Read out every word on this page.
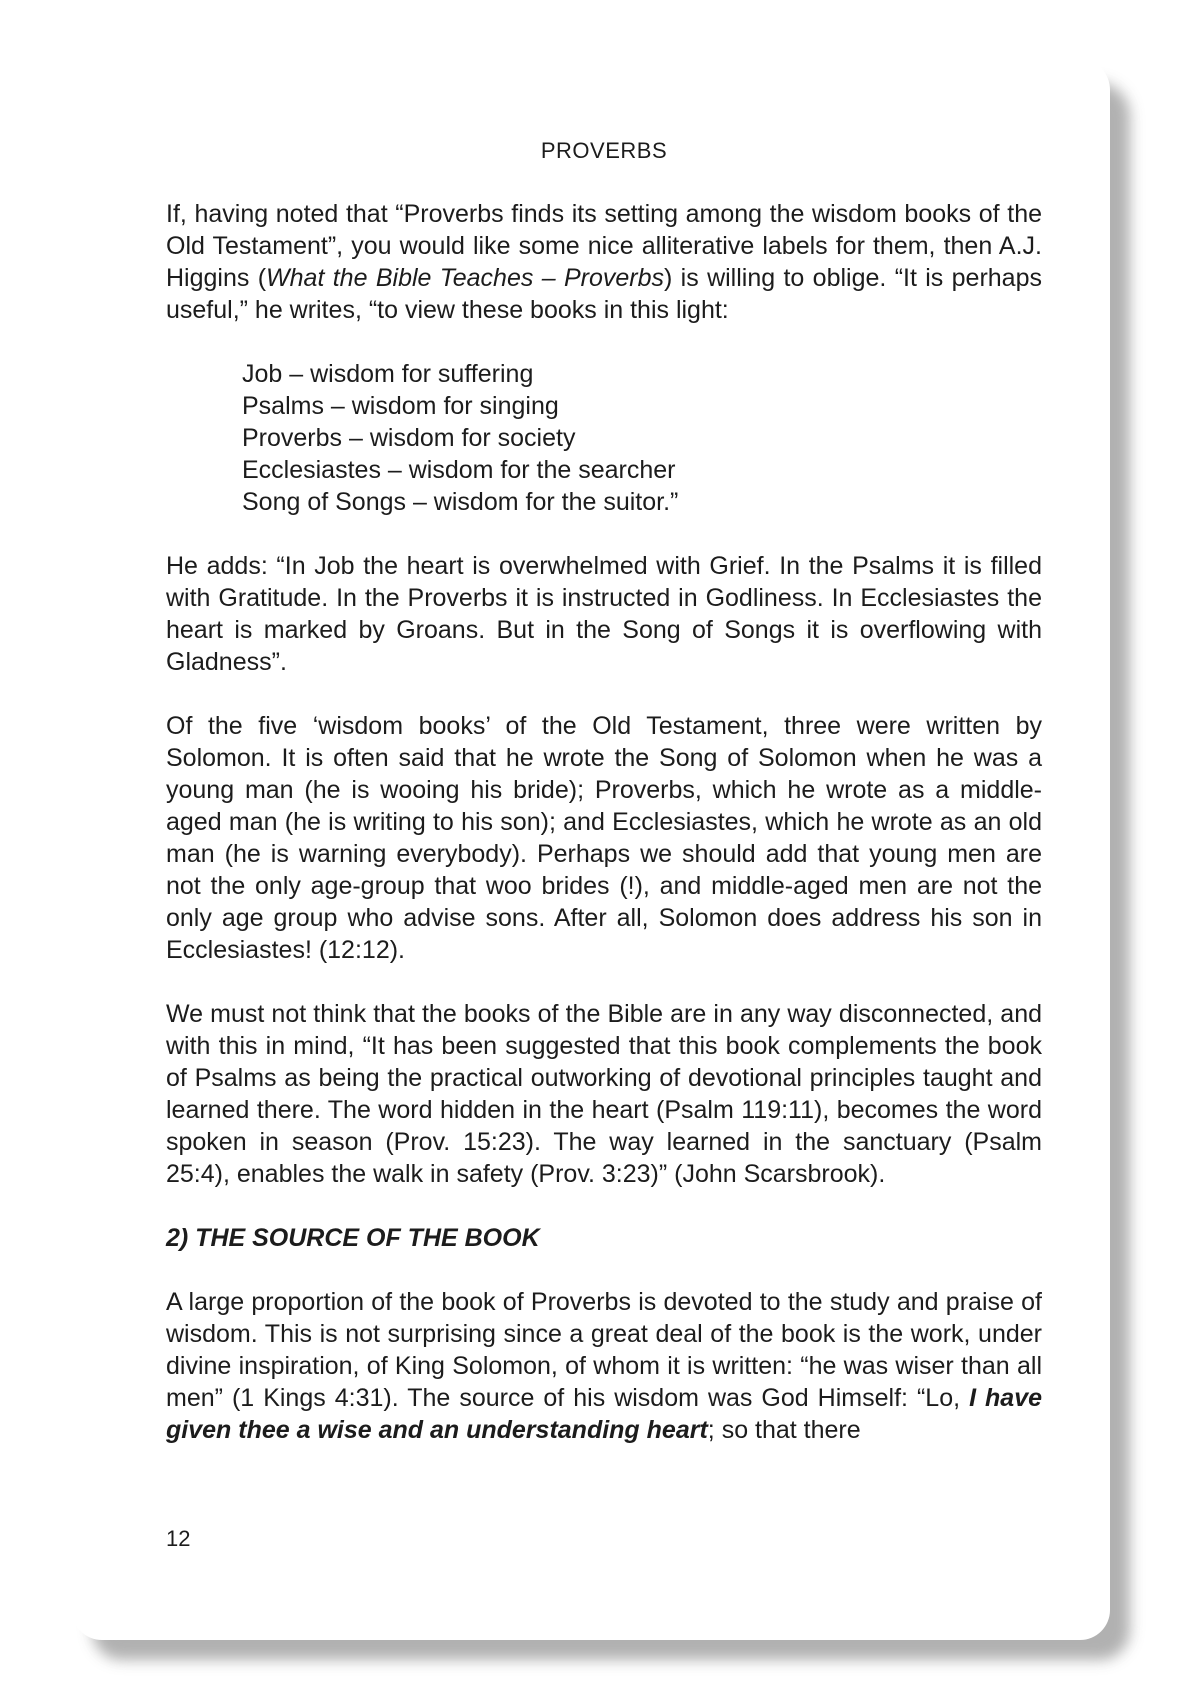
PROVERBS

If, having noted that “Proverbs finds its setting among the wisdom books of the Old Testament”, you would like some nice alliterative labels for them, then A.J. Higgins (What the Bible Teaches – Proverbs) is willing to oblige. “It is perhaps useful,” he writes, “to view these books in this light:

Job – wisdom for suffering
Psalms – wisdom for singing
Proverbs – wisdom for society
Ecclesiastes – wisdom for the searcher
Song of Songs – wisdom for the suitor.”

He adds: “In Job the heart is overwhelmed with Grief. In the Psalms it is filled with Gratitude. In the Proverbs it is instructed in Godliness. In Ecclesiastes the heart is marked by Groans. But in the Song of Songs it is overflowing with Gladness”.

Of the five ‘wisdom books’ of the Old Testament, three were written by Solomon. It is often said that he wrote the Song of Solomon when he was a young man (he is wooing his bride); Proverbs, which he wrote as a middle-aged man (he is writing to his son); and Ecclesiastes, which he wrote as an old man (he is warning everybody). Perhaps we should add that young men are not the only age-group that woo brides (!), and middle-aged men are not the only age group who advise sons. After all, Solomon does address his son in Ecclesiastes! (12:12).

We must not think that the books of the Bible are in any way disconnected, and with this in mind, “It has been suggested that this book complements the book of Psalms as being the practical outworking of devotional principles taught and learned there. The word hidden in the heart (Psalm 119:11), becomes the word spoken in season (Prov. 15:23). The way learned in the sanctuary (Psalm 25:4), enables the walk in safety (Prov. 3:23)” (John Scarsbrook).

2) THE SOURCE OF THE BOOK

A large proportion of the book of Proverbs is devoted to the study and praise of wisdom. This is not surprising since a great deal of the book is the work, under divine inspiration, of King Solomon, of whom it is written: “he was wiser than all men” (1 Kings 4:31). The source of his wisdom was God Himself: “Lo, I have given thee a wise and an understanding heart; so that there

12
